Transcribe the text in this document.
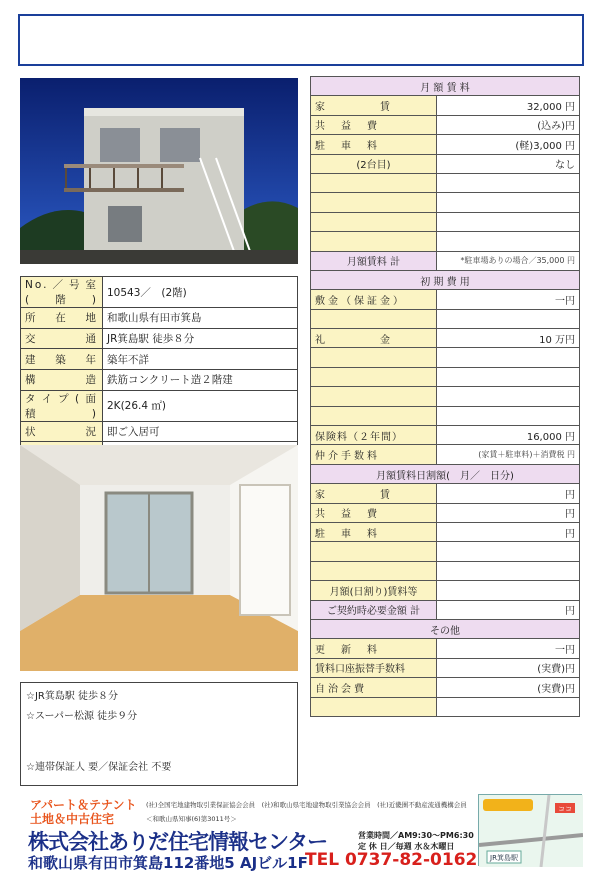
No.／号室(階)	10543／　(2階)
所在地	和歌山県有田市箕島
交通	JR箕島駅 徒歩８分
建築年	築年不詳
構造	鉄筋コンクリート造２階建
タイプ(面積)	2K(26.4 ㎡)
状況	即ご入居可

月 額 賃 料	
家　　　　賃	32,000 円
共　益　費	(込み)円
駐　車　料	(軽)3,000 円
(2台目)	なし

月額賃料 計	*駐車場ありの場合／35,000 円
初 期 費 用	
敷金（保証金）	一円

礼　　　　金	10 万円

保険料（２年間）	16,000 円
仲介手数料	(家賃＋駐車料)＋消費税 円
月額賃料日割額(　月／　日分)	
家　　　　賃	円
共　益　費	円
駐　車　料	円

月額(日割り)賃料等	
ご契約時必要金額 計	円
その他	
更　新　料	一円
賃料口座振替手数料	(実費)円
自治会費	(実費)円

☆JR箕島駅 徒歩８分
☆スーパー松源 徒歩９分
☆連帯保証人 要／保証会社 不要
アパート＆テナント
土地＆中古住宅
(社)全国宅地建物取引業保証協会会員　(社)和歌山県宅地建物取引業協会会員　(社)近畿圏不動産流通機構会員
＜和歌山県知事(6)第3011号＞
株式会社ありだ住宅情報センター	営業時間／AM9:30〜PM6:30
定 休 日／毎週 水＆木曜日
和歌山県有田市箕島112番地5 AJビル1F
TEL 0737-82-0162
ココ
JR箕島駅
